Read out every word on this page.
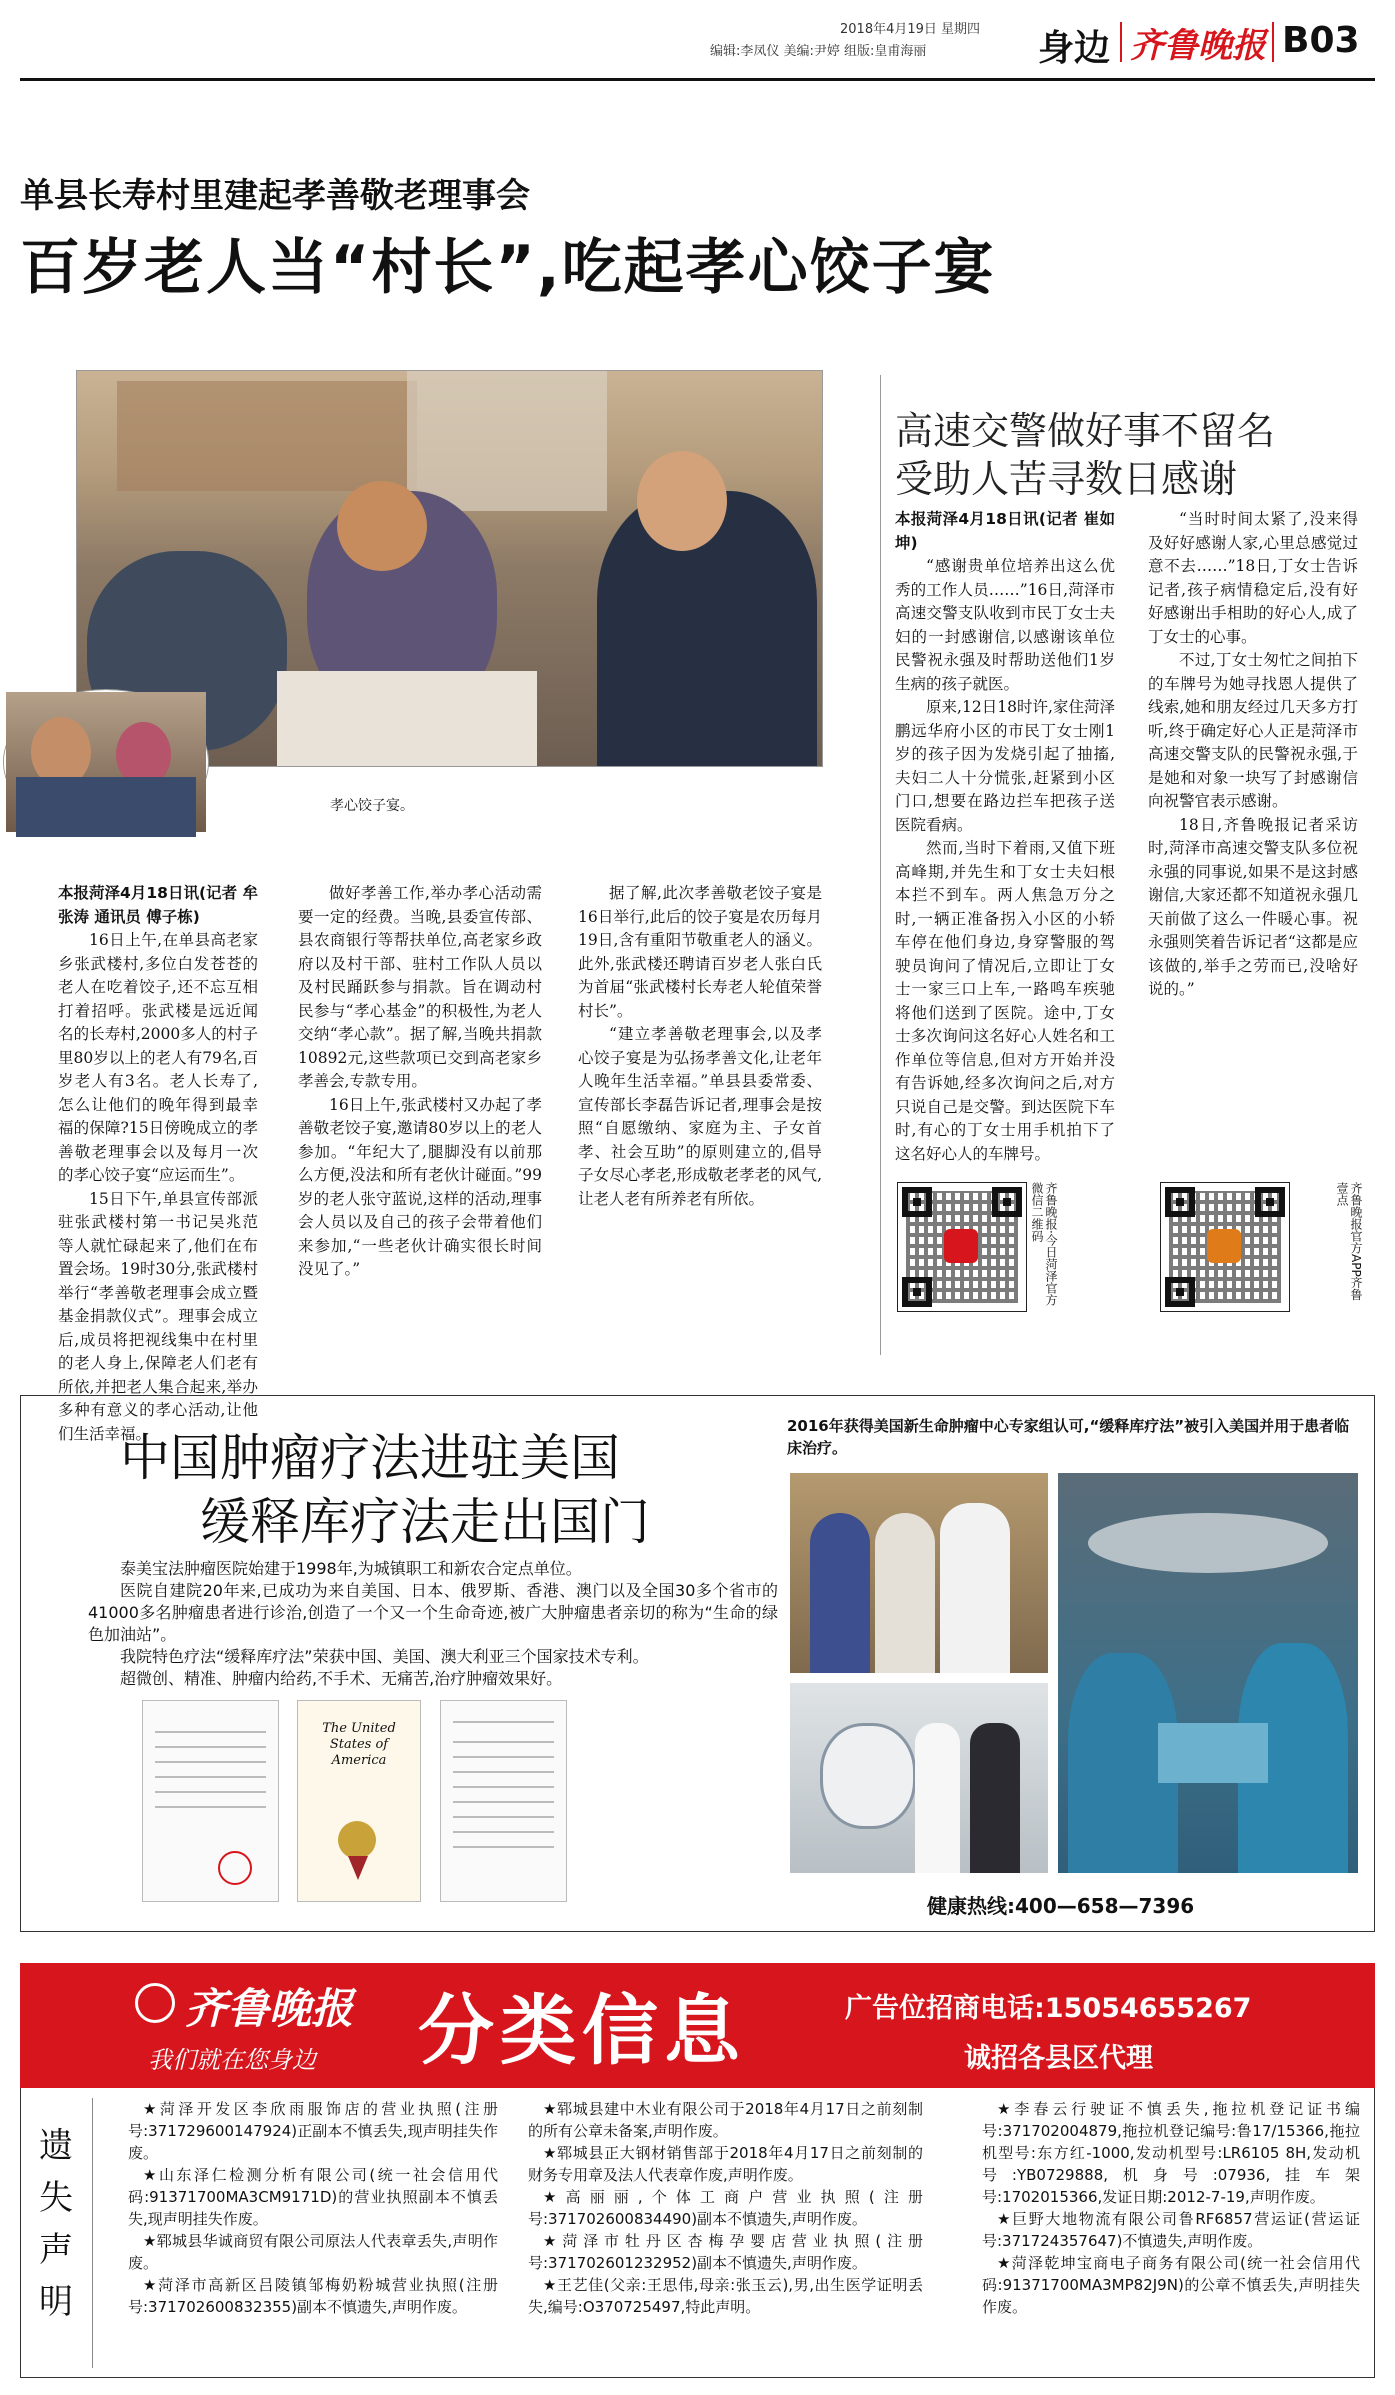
2018年4月19日 星期四
编辑:李凤仪 美编:尹婷 组版:皇甫海丽	身边 齐鲁晚报 B03
单县长寿村里建起孝善敬老理事会
百岁老人当“村长”,吃起孝心饺子宴
孝心饺子宴。

本报菏泽4月18日讯(记者 牟张涛 通讯员 傅子栋)

16日上午,在单县高老家乡张武楼村,多位白发苍苍的老人在吃着饺子,还不忘互相打着招呼。张武楼是远近闻名的长寿村,2000多人的村子里80岁以上的老人有79名,百岁老人有3名。老人长寿了,怎么让他们的晚年得到最幸福的保障?15日傍晚成立的孝善敬老理事会以及每月一次的孝心饺子宴“应运而生”。

15日下午,单县宣传部派驻张武楼村第一书记吴兆范等人就忙碌起来了,他们在布置会场。19时30分,张武楼村举行“孝善敬老理事会成立暨基金捐款仪式”。理事会成立后,成员将把视线集中在村里的老人身上,保障老人们老有所依,并把老人集合起来,举办多种有意义的孝心活动,让他们生活幸福。

做好孝善工作,举办孝心活动需要一定的经费。当晚,县委宣传部、县农商银行等帮扶单位,高老家乡政府以及村干部、驻村工作队人员以及村民踊跃参与捐款。旨在调动村民参与“孝心基金”的积极性,为老人交纳“孝心款”。据了解,当晚共捐款10892元,这些款项已交到高老家乡孝善会,专款专用。

16日上午,张武楼村又办起了孝善敬老饺子宴,邀请80岁以上的老人参加。“年纪大了,腿脚没有以前那么方便,没法和所有老伙计碰面。”99岁的老人张守蓝说,这样的活动,理事会人员以及自己的孩子会带着他们来参加,“一些老伙计确实很长时间没见了。”

据了解,此次孝善敬老饺子宴是16日举行,此后的饺子宴是农历每月19日,含有重阳节敬重老人的涵义。此外,张武楼还聘请百岁老人张白氏为首届“张武楼村长寿老人轮值荣誉村长”。

“建立孝善敬老理事会,以及孝心饺子宴是为弘扬孝善文化,让老年人晚年生活幸福。”单县县委常委、宣传部长李磊告诉记者,理事会是按照“自愿缴纳、家庭为主、子女首孝、社会互助”的原则建立的,倡导子女尽心孝老,形成敬老孝老的风气,让老人老有所养老有所依。

高速交警做好事不留名
受助人苦寻数日感谢

本报菏泽4月18日讯(记者 崔如坤)

“感谢贵单位培养出这么优秀的工作人员……”16日,菏泽市高速交警支队收到市民丁女士夫妇的一封感谢信,以感谢该单位民警祝永强及时帮助送他们1岁生病的孩子就医。

原来,12日18时许,家住菏泽鹏远华府小区的市民丁女士刚1岁的孩子因为发烧引起了抽搐,夫妇二人十分慌张,赶紧到小区门口,想要在路边拦车把孩子送医院看病。

然而,当时下着雨,又值下班高峰期,并先生和丁女士夫妇根本拦不到车。两人焦急万分之时,一辆正准备拐入小区的小轿车停在他们身边,身穿警服的驾驶员询问了情况后,立即让丁女士一家三口上车,一路鸣车疾驰将他们送到了医院。途中,丁女士多次询问这名好心人姓名和工作单位等信息,但对方开始并没有告诉她,经多次询问之后,对方只说自己是交警。到达医院下车时,有心的丁女士用手机拍下了这名好心人的车牌号。

“当时时间太紧了,没来得及好好感谢人家,心里总感觉过意不去……”18日,丁女士告诉记者,孩子病情稳定后,没有好好感谢出手相助的好心人,成了丁女士的心事。

不过,丁女士匆忙之间拍下的车牌号为她寻找恩人提供了线索,她和朋友经过几天多方打听,终于确定好心人正是菏泽市高速交警支队的民警祝永强,于是她和对象一块写了封感谢信向祝警官表示感谢。

18日,齐鲁晚报记者采访时,菏泽市高速交警支队多位祝永强的同事说,如果不是这封感谢信,大家还都不知道祝永强几天前做了这么一件暖心事。祝永强则笑着告诉记者“这都是应该做的,举手之劳而已,没啥好说的。”

齐鲁晚报·今日菏泽官方微信二维码	齐鲁晚报官方APP齐鲁壹点
中国肿瘤疗法进驻美国
缓释库疗法走出国门

泰美宝法肿瘤医院始建于1998年,为城镇职工和新农合定点单位。

医院自建院20年来,已成功为来自美国、日本、俄罗斯、香港、澳门以及全国30多个省市的41000多名肿瘤患者进行诊治,创造了一个又一个生命奇迹,被广大肿瘤患者亲切的称为“生命的绿色加油站”。

我院特色疗法“缓释库疗法”荣获中国、美国、澳大利亚三个国家技术专利。

超微创、精准、肿瘤内给药,不手术、无痛苦,治疗肿瘤效果好。

The United States of America
2016年获得美国新生命肿瘤中心专家组认可,“缓释库疗法”被引入美国并用于患者临床治疗。
健康热线:400—658—7396
齐鲁晚报
我们就在您身边 分类信息	广告位招商电话:15054655267
诚招各县区代理
遗失声明

★菏泽开发区李欣雨服饰店的营业执照(注册号:371729600147924)正副本不慎丢失,现声明挂失作废。

★山东泽仁检测分析有限公司(统一社会信用代码:91371700MA3CM9171D)的营业执照副本不慎丢失,现声明挂失作废。

★郓城县华诚商贸有限公司原法人代表章丢失,声明作废。

★菏泽市高新区吕陵镇邹梅奶粉城营业执照(注册号:371702600832355)副本不慎遗失,声明作废。

★郓城县建中木业有限公司于2018年4月17日之前刻制的所有公章未备案,声明作废。

★郓城县正大钢材销售部于2018年4月17日之前刻制的财务专用章及法人代表章作废,声明作废。

★高丽丽,个体工商户营业执照(注册号:371702600834490)副本不慎遗失,声明作废。

★菏泽市牡丹区杏梅孕婴店营业执照(注册号:371702601232952)副本不慎遗失,声明作废。

★王艺佳(父亲:王思伟,母亲:张玉云),男,出生医学证明丢失,编号:O370725497,特此声明。

★李春云行驶证不慎丢失,拖拉机登记证书编号:371702004879,拖拉机登记编号:鲁17/15366,拖拉机型号:东方红-1000,发动机型号:LR6105 8H,发动机号:YB0729888,机身号:07936,挂车架号:1702015366,发证日期:2012-7-19,声明作废。

★巨野大地物流有限公司鲁RF6857营运证(营运证号:371724357647)不慎遗失,声明作废。

★菏泽乾坤宝商电子商务有限公司(统一社会信用代码:91371700MA3MP82J9N)的公章不慎丢失,声明挂失作废。
